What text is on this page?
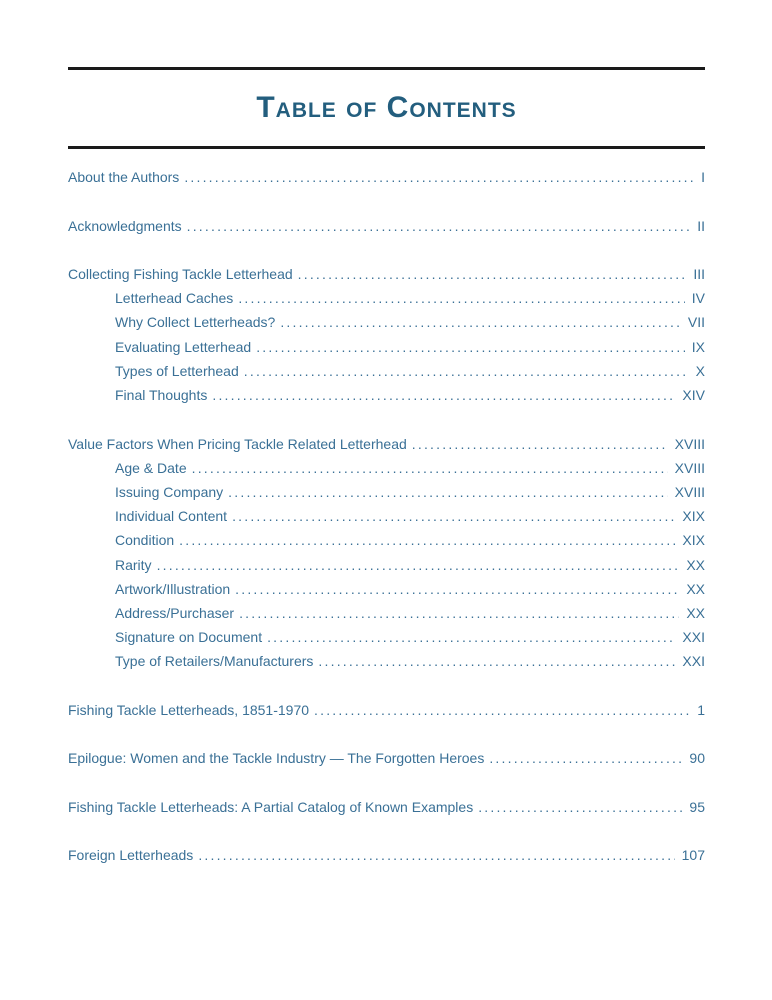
Table of Contents
About the Authors .....	I
Acknowledgments .....	II
Collecting Fishing Tackle Letterhead .....	III
Letterhead Caches .....	IV
Why Collect Letterheads? .....	VII
Evaluating Letterhead .....	IX
Types of Letterhead .....	X
Final Thoughts .....	XIV
Value Factors When Pricing Tackle Related Letterhead .....	XVIII
Age & Date .....	XVIII
Issuing Company .....	XVIII
Individual Content .....	XIX
Condition .....	XIX
Rarity .....	XX
Artwork/Illustration .....	XX
Address/Purchaser .....	XX
Signature on Document .....	XXI
Type of Retailers/Manufacturers .....	XXI
Fishing Tackle Letterheads, 1851-1970 .....	1
Epilogue: Women and the Tackle Industry — The Forgotten Heroes .....	90
Fishing Tackle Letterheads: A Partial Catalog of Known Examples .....	95
Foreign Letterheads .....	107
